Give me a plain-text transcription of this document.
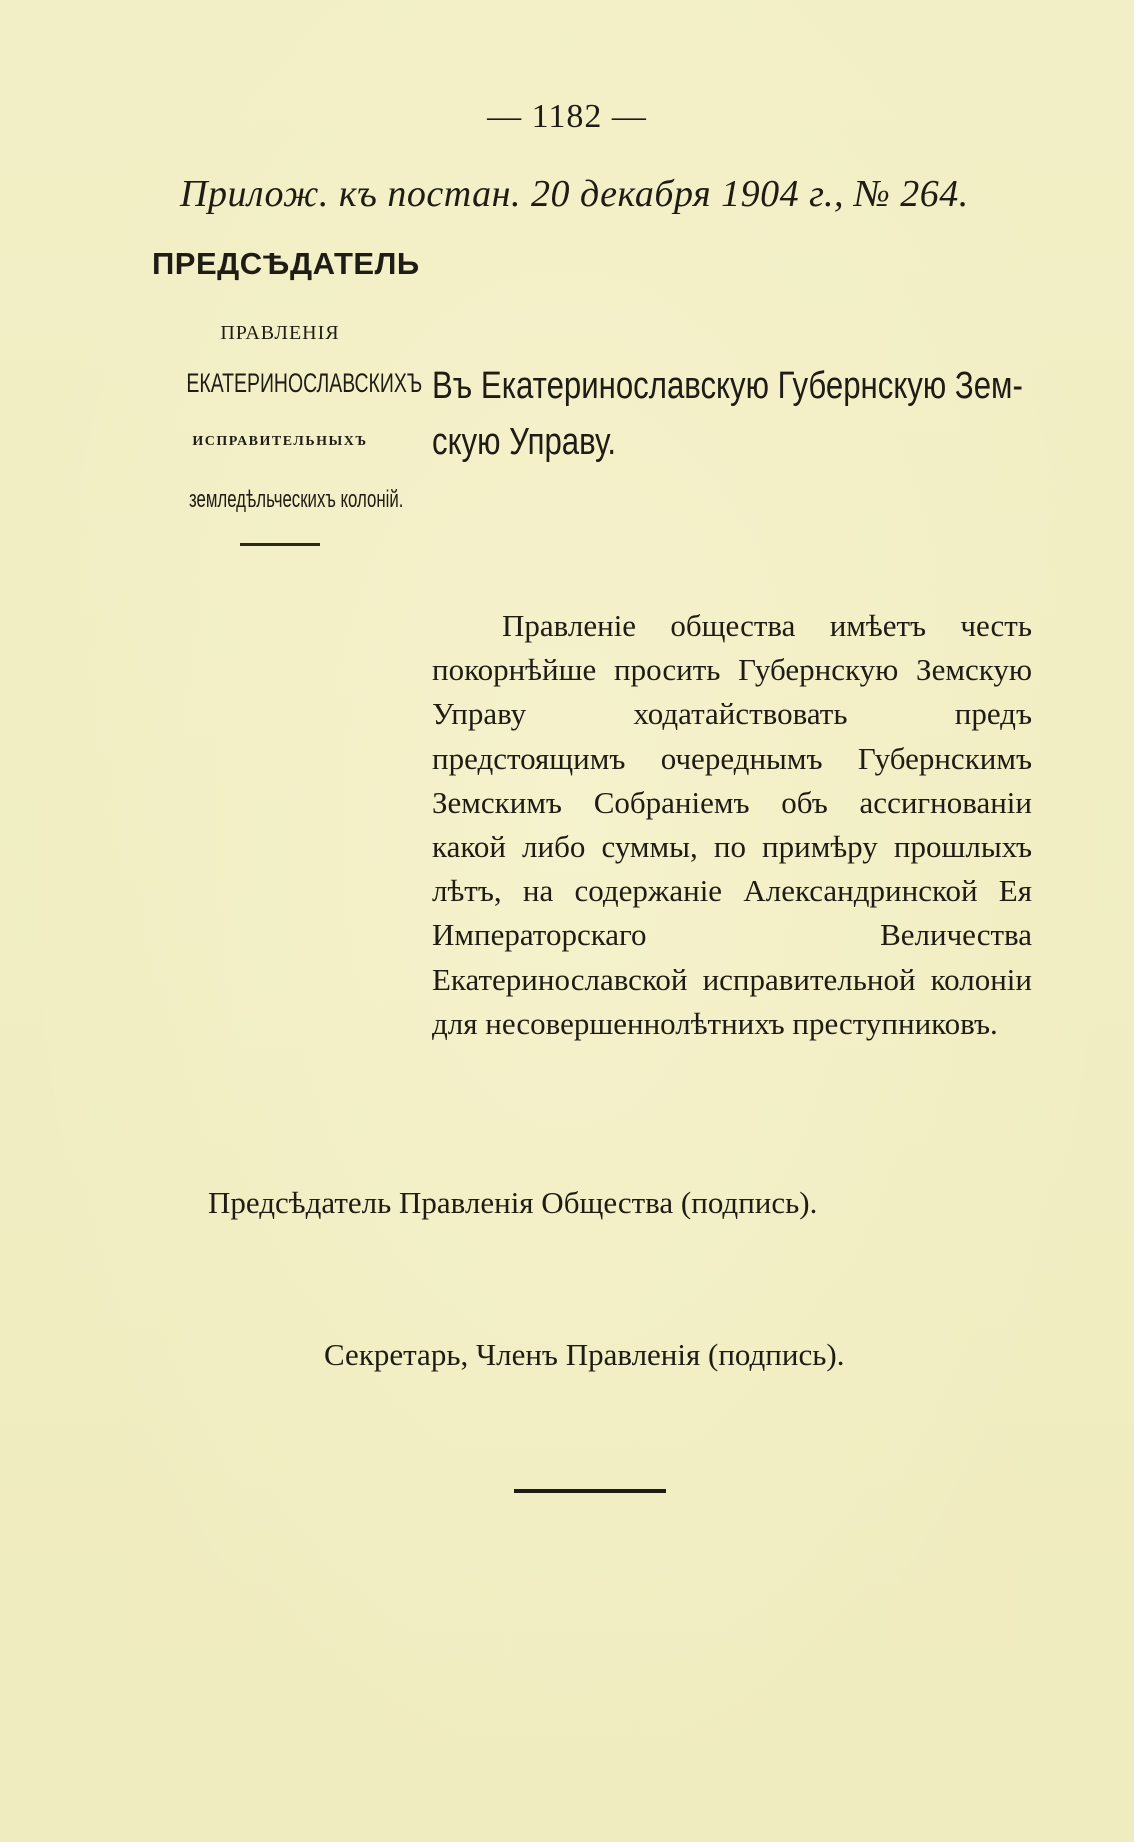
— 1182 —
Прилож. къ постан. 20 декабря 1904 г., № 264.
ПРЕДСѢДАТЕЛЬ
ПРАВЛЕНІЯ
ЕКАТЕРИНОСЛАВСКИХЪ
ИСПРАВИТЕЛЬНЫХЪ
земледѣльческихъ колоній.
Въ Екатеринославскую Губернскую Зем-
скую Управу.
Правленіе общества имѣетъ честь покорнѣйше просить Губернскую Земскую Управу ходатайствовать предъ предстоящимъ очереднымъ Губернскимъ Земскимъ Собраніемъ объ ассигнованіи какой либо суммы, по примѣру прошлыхъ лѣтъ, на содержаніе Александринской Ея Императорскаго Величества Екатеринославской исправительной колоніи для несовершеннолѣтнихъ преступниковъ.
Предсѣдатель Правленія Общества (подпись).
Секретарь, Членъ Правленія (подпись).
